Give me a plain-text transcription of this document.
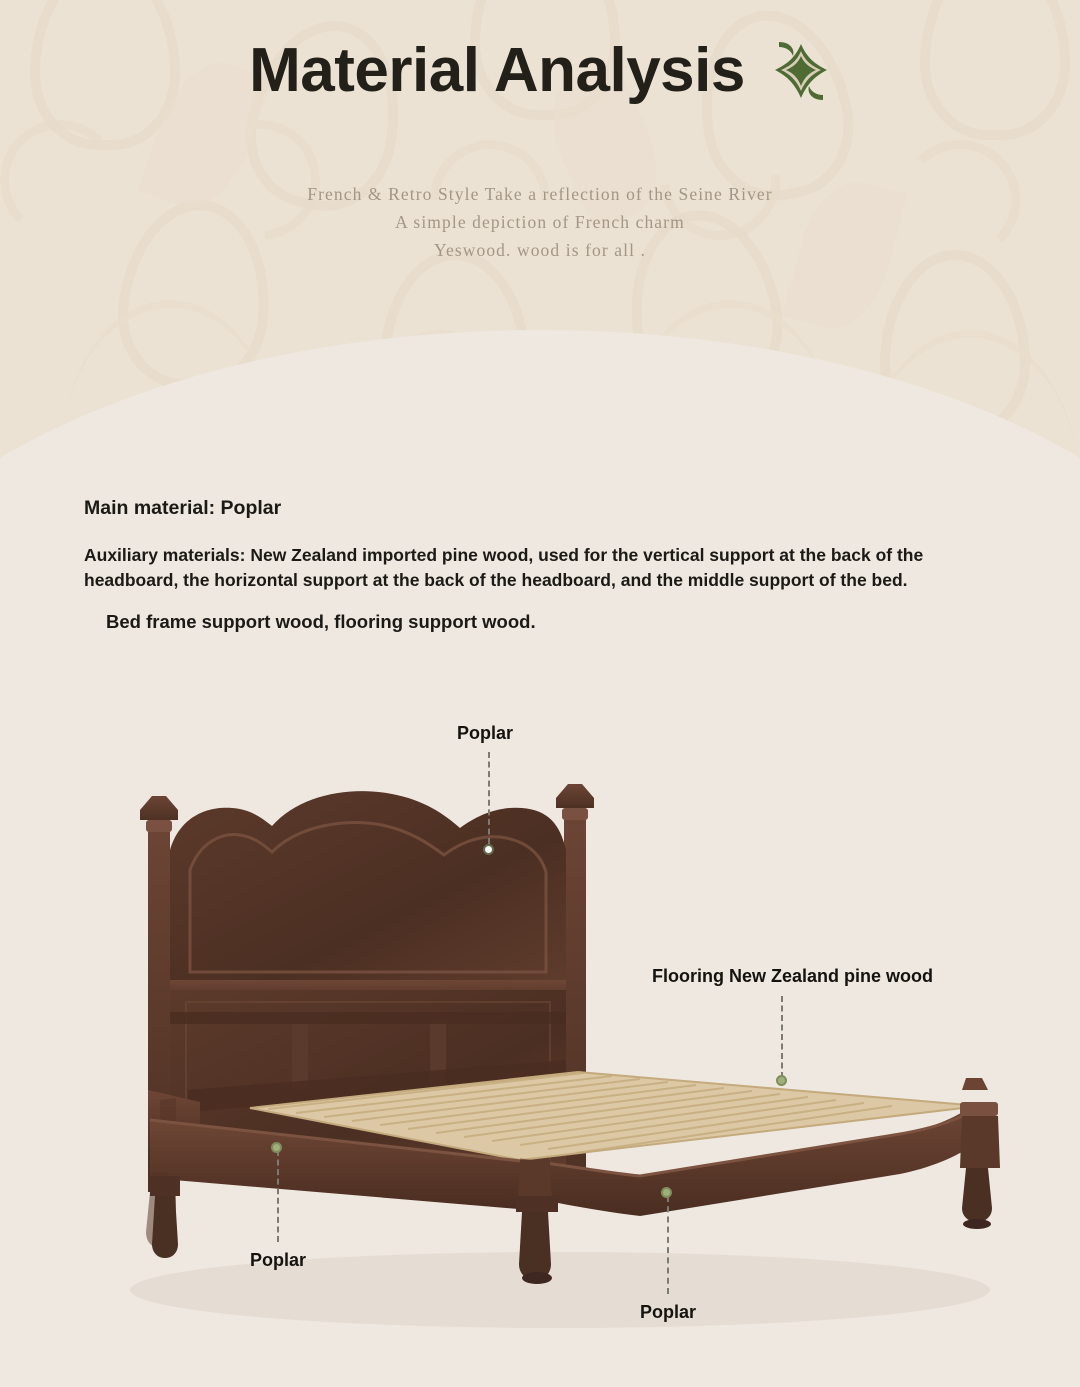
Material Analysis
French & Retro Style Take a reflection of the Seine River
A simple depiction of French charm
Yeswood. wood is for all .
Main material: Poplar
Auxiliary materials: New Zealand imported pine wood, used for the vertical support at the back of the headboard, the horizontal support at the back of the headboard, and the middle support of the bed.
Bed frame support wood, flooring support wood.
Poplar
Flooring New Zealand pine wood
Poplar
Poplar
